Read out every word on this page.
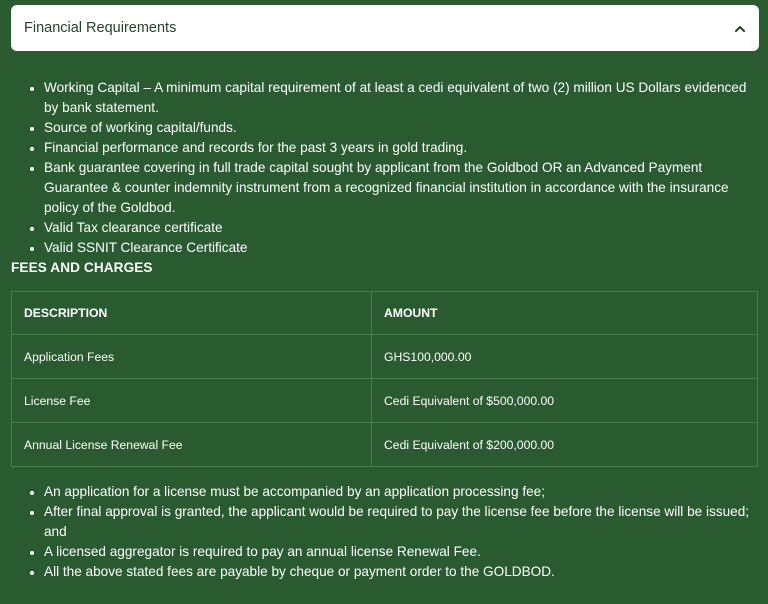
Financial Requirements
• Working Capital – A minimum capital requirement of at least a cedi equivalent of two (2) million US Dollars evidenced by bank statement.
• Source of working capital/funds.
• Financial performance and records for the past 3 years in gold trading.
• Bank guarantee covering in full trade capital sought by applicant from the Goldbod OR an Advanced Payment Guarantee & counter indemnity instrument from a recognized financial institution in accordance with the insurance policy of the Goldbod.
• Valid Tax clearance certificate
• Valid SSNIT Clearance Certificate

FEES AND CHARGES

DESCRIPTION	AMOUNT
Application Fees	GHS100,000.00
License Fee	Cedi Equivalent of $500,000.00
Annual License Renewal Fee	Cedi Equivalent of $200,000.00
• An application for a license must be accompanied by an application processing fee;
• After final approval is granted, the applicant would be required to pay the license fee before the license will be issued; and
• A licensed aggregator is required to pay an annual license Renewal Fee.
• All the above stated fees are payable by cheque or payment order to the GOLDBOD.
